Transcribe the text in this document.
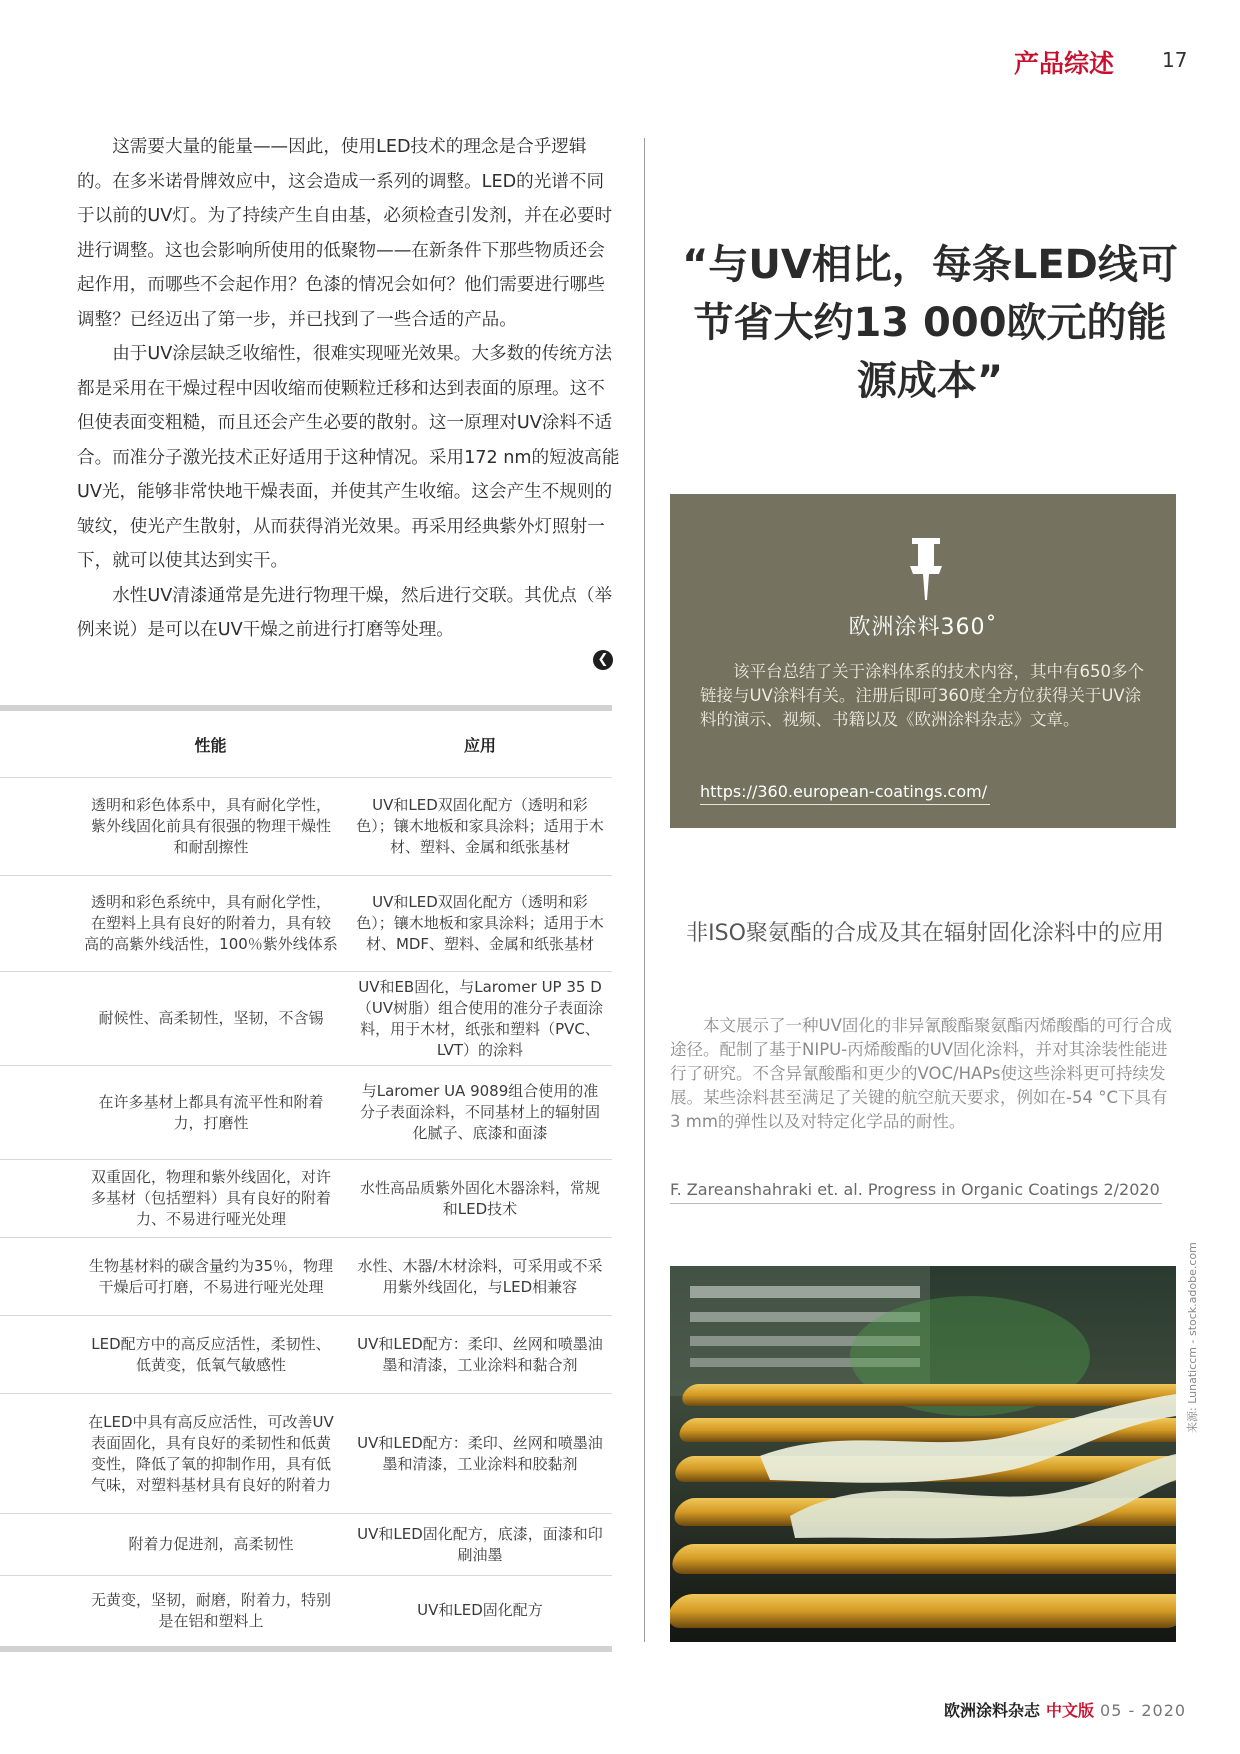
产品综述 17

这需要大量的能量——因此，使用LED技术的理念是合乎逻辑的。在多米诺骨牌效应中，这会造成一系列的调整。LED的光谱不同于以前的UV灯。为了持续产生自由基，必须检查引发剂，并在必要时进行调整。这也会影响所使用的低聚物——在新条件下那些物质还会起作用，而哪些不会起作用？色漆的情况会如何？他们需要进行哪些调整？已经迈出了第一步，并已找到了一些合适的产品。

由于UV涂层缺乏收缩性，很难实现哑光效果。大多数的传统方法都是采用在干燥过程中因收缩而使颗粒迁移和达到表面的原理。这不但使表面变粗糙，而且还会产生必要的散射。这一原理对UV涂料不适合。而准分子激光技术正好适用于这种情况。采用172 nm的短波高能UV光，能够非常快地干燥表面，并使其产生收缩。这会产生不规则的皱纹，使光产生散射，从而获得消光效果。再采用经典紫外灯照射一下，就可以使其达到实干。

水性UV清漆通常是先进行物理干燥，然后进行交联。其优点（举例来说）是可以在UV干燥之前进行打磨等处理。

❮
性能	应用
透明和彩色体系中，具有耐化学性，紫外线固化前具有很强的物理干燥性和耐刮擦性	UV和LED双固化配方（透明和彩色）；镶木地板和家具涂料；适用于木材、塑料、金属和纸张基材
透明和彩色系统中，具有耐化学性，在塑料上具有良好的附着力，具有较高的高紫外线活性，100％紫外线体系	UV和LED双固化配方（透明和彩色）；镶木地板和家具涂料；适用于木材、MDF、塑料、金属和纸张基材
耐候性、高柔韧性，坚韧，不含锡	UV和EB固化，与Laromer UP 35 D（UV树脂）组合使用的准分子表面涂料，用于木材，纸张和塑料（PVC、LVT）的涂料
在许多基材上都具有流平性和附着力，打磨性	与Laromer UA 9089组合使用的准分子表面涂料，不同基材上的辐射固化腻子、底漆和面漆
双重固化，物理和紫外线固化，对许多基材（包括塑料）具有良好的附着力、不易进行哑光处理	水性高品质紫外固化木器涂料，常规和LED技术
生物基材料的碳含量约为35％，物理干燥后可打磨，不易进行哑光处理	水性、木器/木材涂料，可采用或不采用紫外线固化，与LED相兼容
LED配方中的高反应活性，柔韧性、低黄变，低氧气敏感性	UV和LED配方：柔印、丝网和喷墨油墨和清漆，工业涂料和黏合剂
在LED中具有高反应活性，可改善UV表面固化，具有良好的柔韧性和低黄变性，降低了氧的抑制作用，具有低气味，对塑料基材具有良好的附着力	UV和LED配方：柔印、丝网和喷墨油墨和清漆，工业涂料和胶黏剂
附着力促进剂，高柔韧性	UV和LED固化配方，底漆，面漆和印刷油墨
无黄变，坚韧，耐磨，附着力，特别是在铝和塑料上	UV和LED固化配方
“与UV相比，每条LED线可节省大约13 000欧元的能源成本”
欧洲涂料360˚
该平台总结了关于涂料体系的技术内容，其中有650多个链接与UV涂料有关。注册后即可360度全方位获得关于UV涂料的演示、视频、书籍以及《欧洲涂料杂志》文章。
https://360.european-coatings.com/
非ISO聚氨酯的合成及其在辐射固化涂料中的应用
本文展示了一种UV固化的非异氰酸酯聚氨酯丙烯酸酯的可行合成途径。配制了基于NIPU-丙烯酸酯的UV固化涂料，并对其涂装性能进行了研究。不含异氰酸酯和更少的VOC/HAPs使这些涂料更可持续发展。某些涂料甚至满足了关键的航空航天要求，例如在-54 °C下具有3 mm的弹性以及对特定化学品的耐性。
F. Zareanshahraki et. al. Progress in Organic Coatings 2/2020
来源: Lunaticcm - stock.adobe.com
欧洲涂料杂志 中文版 05 - 2020
